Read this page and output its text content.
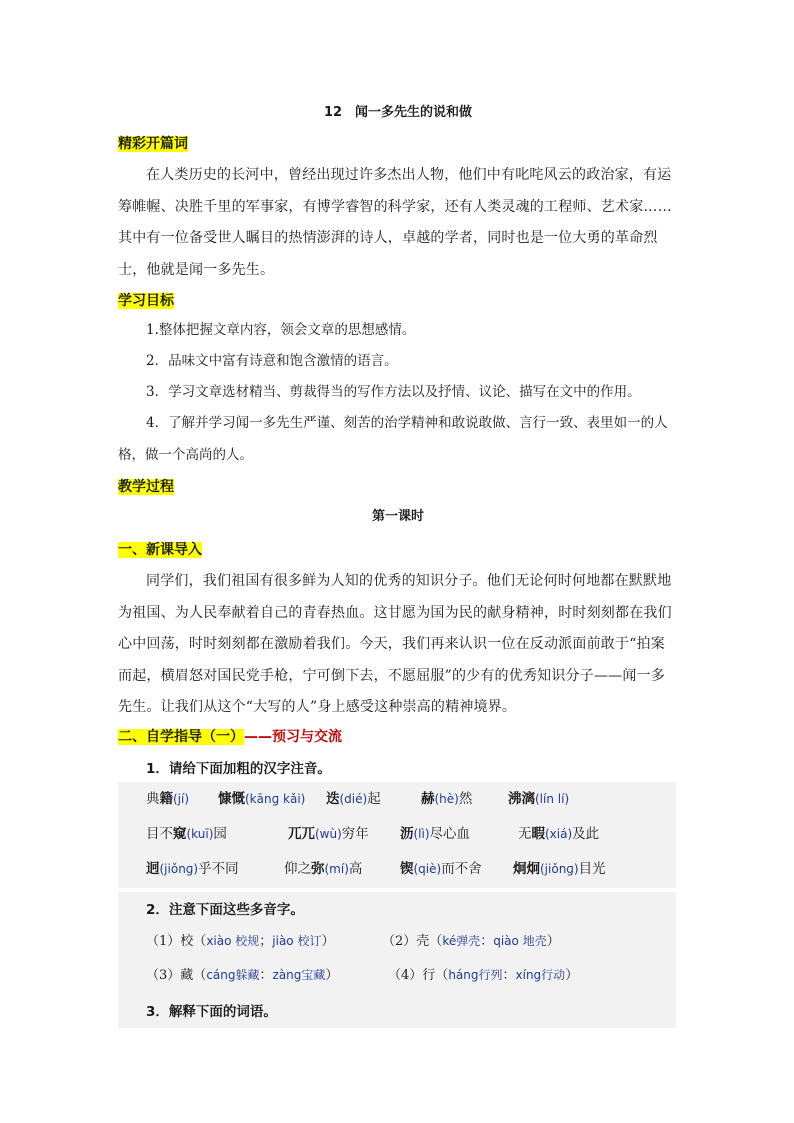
12　闻一多先生的说和做
精彩开篇词
在人类历史的长河中，曾经出现过许多杰出人物，他们中有叱咤风云的政治家，有运筹帷幄、决胜千里的军事家，有博学睿智的科学家，还有人类灵魂的工程师、艺术家……其中有一位备受世人瞩目的热情澎湃的诗人，卓越的学者，同时也是一位大勇的革命烈士，他就是闻一多先生。
学习目标
1.整体把握文章内容，领会文章的思想感情。
2．品味文中富有诗意和饱含激情的语言。
3．学习文章选材精当、剪裁得当的写作方法以及抒情、议论、描写在文中的作用。
4．了解并学习闻一多先生严谨、刻苦的治学精神和敢说敢做、言行一致、表里如一的人格，做一个高尚的人。
教学过程
第一课时
一、新课导入
同学们，我们祖国有很多鲜为人知的优秀的知识分子。他们无论何时何地都在默默地为祖国、为人民奉献着自己的青春热血。这甘愿为国为民的献身精神，时时刻刻都在我们心中回荡，时时刻刻都在激励着我们。今天，我们再来认识一位在反动派面前敢于“拍案而起，横眉怒对国民党手枪，宁可倒下去，不愿屈服”的少有的优秀知识分子——闻一多先生。让我们从这个“大写的人”身上感受这种崇高的精神境界。
二、自学指导（一）——预习与交流
1．请给下面加粗的汉字注音。
典籍(jí) 慷慨(kānɡ kǎi) 迭(dié)起	赫(hè)然	沸漓(lín lí)
目不窥(kuī)园	兀兀(wù)穷年 沥(lì)尽心血	无暇(xiá)及此
迥(jiǒnɡ)乎不同	仰之弥(mí)高	锲(qiè)而不舍 炯炯(jiǒnɡ)目光
2．注意下面这些多音字。
（1）校（xiào 校规；jiào 校订）	（2）壳（ké弹壳：qiào 地壳）
（3）藏（cáng躲藏：zàng宝藏）	（4）行（háng行列：xíng行动）
3．解释下面的词语。
